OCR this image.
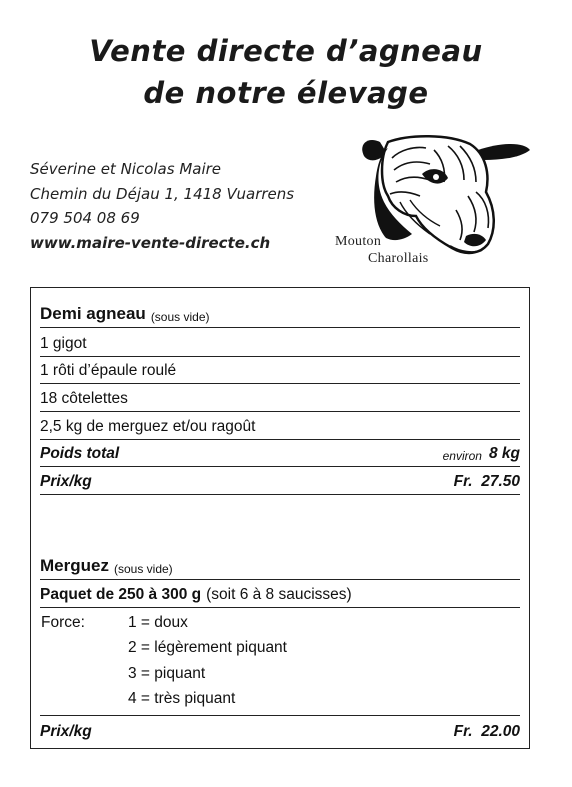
Vente directe d’agneau
de notre élevage
Séverine et Nicolas Maire
Chemin du Déjau 1, 1418 Vuarrens
079 504 08 69
www.maire-vente-directe.ch	Mouton
Charollais
Demi agneau (sous vide)
1 gigot
1 rôti d’épaule roulé
18 côtelettes
2,5 kg de merguez et/ou ragoût
Poids total	environ 8 kg
Prix/kg	Fr.  27.50
Merguez (sous vide)
Paquet de 250 à 300 g (soit 6 à 8 saucisses)
Force:	1 = doux
2 = légèrement piquant
3 = piquant
4 = très piquant
Prix/kg	Fr.  22.00
